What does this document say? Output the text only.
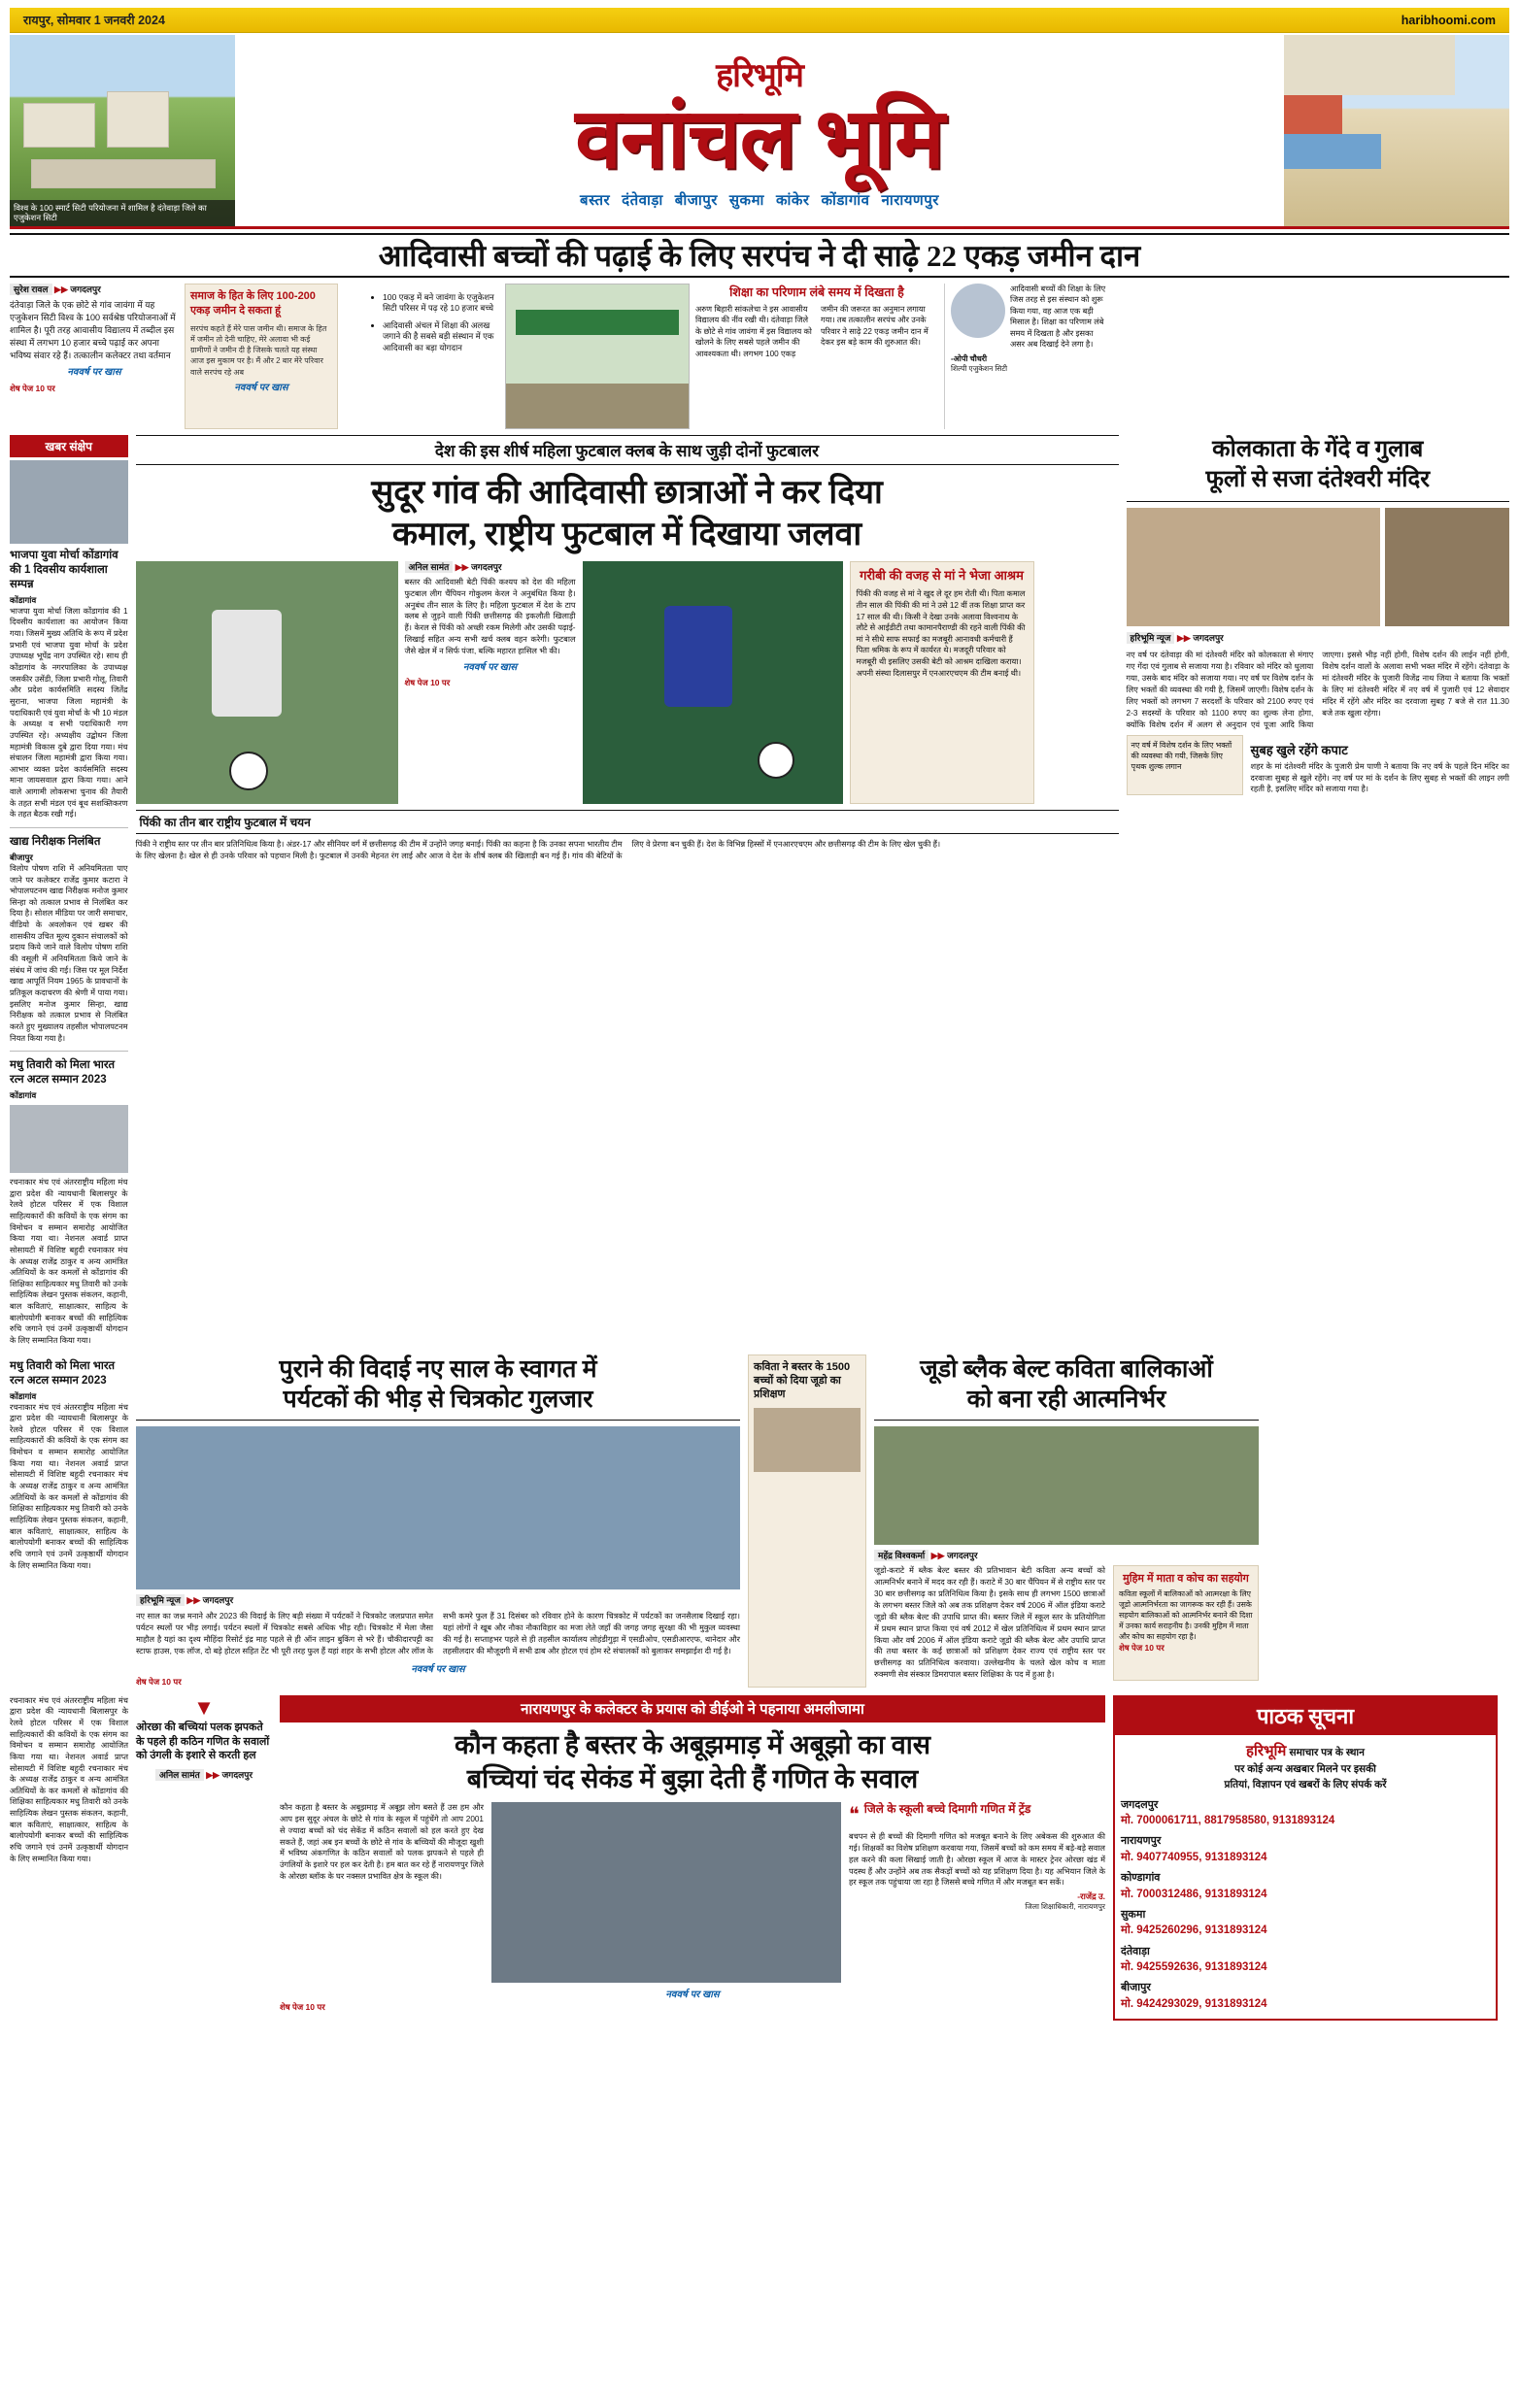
रायपुर, सोमवार 1 जनवरी 2024	haribhoomi.com
विश्व के 100 स्मार्ट सिटी परियोजना में शामिल है दंतेवाड़ा जिले का एजुकेशन सिटी
हरिभूमि
वनांचल भूमि
बस्तर दंतेवाड़ा बीजापुर सुकमा कांकेर कोंडागांव नारायणपुर
आदिवासी बच्चों की पढ़ाई के लिए सरपंच ने दी साढ़े 22 एकड़ जमीन दान
सुरेश रावल ▶▶ जगदलपुर
दंतेवाड़ा जिले के एक छोटे से गांव जावंगा में यह एजुकेशन सिटी विश्व के 100 सर्वश्रेष्ठ परियोजनाओं में शामिल है। पूरी तरह आवासीय विद्यालय में तब्दील इस संस्था में लगभग 10 हजार बच्चे पढ़ाई कर अपना भविष्य संवार रहे हैं। तत्कालीन कलेक्टर तथा वर्तमान
नववर्ष पर खास
शेष पेज 10 पर
समाज के हित के लिए 100-200 एकड़ जमीन दे सकता हूं
सरपंच कहते हैं मेरे पास जमीन थी। समाज के हित में जमीन तो देनी चाहिए, मेरे अलावा भी कई ग्रामीणों ने जमीन दी है जिसके चलते यह संस्था आज इस मुकाम पर है। मैं और 2 बार मेरे परिवार वाले सरपंच रहे अब
नववर्ष पर खास
• 100 एकड़ में बने जावंगा के एजुकेशन सिटी परिसर में पढ़ रहे 10 हजार बच्चे
• आदिवासी अंचल में शिक्षा की अलख जगाने की है सबसे बड़ी संस्थान में एक आदिवासी का बड़ा योगदान
शिक्षा का परिणाम लंबे समय में दिखता है

अरुण बिहारी सांकलेचा ने इस आवासीय विद्यालय की नींव रखी थी। दंतेवाड़ा जिले के छोटे से गांव जावंगा में इस विद्यालय को खोलने के लिए सबसे पहले जमीन की आवश्यकता थी। लगभग 100 एकड़ जमीन की जरूरत का अनुमान लगाया गया। तब तत्कालीन सरपंच और उनके परिवार ने साढ़े 22 एकड़ जमीन दान में देकर इस बड़े काम की शुरुआत की।

आदिवासी बच्चों की शिक्षा के लिए जिस तरह से इस संस्थान को शुरू किया गया, वह आज एक बड़ी मिसाल है। शिक्षा का परिणाम लंबे समय में दिखता है और इसका असर अब दिखाई देने लगा है।
-ओपी चौधरी
शिल्पी एजुकेशन सिटी
खबर संक्षेप
भाजपा युवा मोर्चा कोंडागांव की 1 दिवसीय कार्यशाला सम्पन्न
कोंडागांव
भाजपा युवा मोर्चा जिला कोंडागांव की 1 दिवसीय कार्यशाला का आयोजन किया गया। जिसमें मुख्य अतिथि के रूप में प्रदेश प्रभारी एवं भाजपा युवा मोर्चा के प्रदेश उपाध्यक्ष भूपेंद्र नाग उपस्थित रहे। साथ ही कोंडागांव के नगरपालिका के उपाध्यक्ष जसकीर उसेंडी, जिला प्रभारी गोलू, तिवारी और प्रदेश कार्यसमिति सदस्य जितेंद्र सुराना, भाजपा जिला महामंत्री के पदाधिकारी एवं युवा मोर्चा के भी 10 मंडल के अध्यक्ष व सभी पदाधिकारी गण उपस्थित रहे। अध्यक्षीय उद्बोधन जिला महामंत्री विकास दुबे द्वारा दिया गया। मंच संचालन जिला महामंत्री द्वारा किया गया। आभार व्यक्त प्रदेश कार्यसमिति सदस्य माना जायसवाल द्वारा किया गया। आने वाले आगामी लोकसभा चुनाव की तैयारी के तहत सभी मंडल एवं बूथ सशक्तिकरण के तहत बैठक रखी गई।
खाद्य निरीक्षक निलंबित
बीजापुर
विलोप पोषण राशि में अनियमितता पाए जाने पर कलेक्टर राजेंद्र कुमार कटारा ने भोपालपटनम खाद्य निरीक्षक मनोज कुमार सिन्हा को तत्काल प्रभाव से निलंबित कर दिया है। सोशल मीडिया पर जारी समाचार, वीडियो के अवलोकन एवं खबर की शासकीय उचित मूल्य दुकान संचालकों को प्रदाय किये जाने वाले विलोप पोषण राशि की वसूली में अनियमितता किये जाने के संबंध में जांच की गई। जिस पर मूल निर्देश खाद्य आपूर्ति नियम 1965 के प्रावधानों के प्रतिकूल कदाचरण की श्रेणी में पाया गया। इसलिए मनोज कुमार सिन्हा, खाद्य निरीक्षक को तत्काल प्रभाव से निलंबित करते हुए मुख्यालय तहसील भोपालपटनम नियत किया गया है।
मधु तिवारी को मिला भारत रत्न अटल सम्मान 2023
कोंडागांव
रचनाकार मंच एवं अंतरराष्ट्रीय महिला मंच द्वारा प्रदेश की न्यायधानी बिलासपुर के रेलवे होटल परिसर में एक विशाल साहित्यकारों की कवियों के एक संगम का विमोचन व सम्मान समारोह आयोजित किया गया था। नेशनल अवार्ड प्राप्त सोसायटी में विशिष्ट बहुदी रचनाकार मंच के अध्यक्ष राजेंद्र ठाकुर व अन्य आमंत्रित अतिथियों के कर कमलों से कोंडागांव की शिक्षिका साहित्यकार मधु तिवारी को उनके साहित्यिक लेखन पुस्तक संकलन, कहानी, बाल कविताएं, साक्षात्कार, साहित्य के बालोपयोगी बनाकर बच्चों की साहित्यिक रुचि जगाने एवं उनमें उत्कृष्ठार्थी योगदान के लिए सम्मानित किया गया।
देश की इस शीर्ष महिला फुटबाल क्लब के साथ जुड़ी दोनों फुटबालर
सुदूर गांव की आदिवासी छात्राओं ने कर दिया
कमाल, राष्ट्रीय फुटबाल में दिखाया जलवा
अनिल सामंत ▶▶ जगदलपुर
बस्तर की आदिवासी बेटी पिंकी कश्यप को देश की महिला फुटबाल लीग चैंपियन गोकुलम केरल ने अनुबंधित किया है। अनुबंध तीन साल के लिए है। महिला फुटबाल में देश के टाप क्लब से जुड़ने वाली पिंकी छत्तीसगढ़ की इकलौती खिलाड़ी हैं। केरल से पिंकी को अच्छी रकम मिलेगी और उसकी पढ़ाई-लिखाई सहित अन्य सभी खर्च क्लब वहन करेगी। फुटबाल जैसे खेल में न सिर्फ पंजा, बल्कि महारत हासिल भी की।
नववर्ष पर खास
शेष पेज 10 पर
गरीबी की वजह से मां ने भेजा आश्रम
पिंकी की वजह से मां ने खुद ले दूर हम रोती थी। पिता कमाल तीन साल की पिंकी की मां ने उसे 12 वीं तक शिक्षा प्राप्त कर 17 साल की थी। किसी ने देखा उनके अलावा विश्वनाथ के लौटे से आईडीटी तथा कामानपैराण्डी की रहने वाली पिंकी की मां ने सीधे साफ सफाई का मजबूरी आनावधी कर्मचारी हैं पिता श्रमिक के रूप में कार्यरत थे। मजदूरी परिवार को मजबूरी थी इसलिए उसकी बेटी को आश्रम दाखिला कराया। अपनी संस्था दिलासपुर में एनआरएचएम की टीम बनाई थी।
पिंकी का तीन बार राष्ट्रीय फुटबाल में चयन
पिंकी ने राष्ट्रीय स्तर पर तीन बार प्रतिनिधित्व किया है। अंडर-17 और सीनियर वर्ग में छत्तीसगढ़ की टीम में उन्होंने जगह बनाई। पिंकी का कहना है कि उनका सपना भारतीय टीम के लिए खेलना है। खेल से ही उनके परिवार को पहचान मिली है। फुटबाल में उनकी मेहनत रंग लाई और आज वे देश के शीर्ष क्लब की खिलाड़ी बन गई हैं। गांव की बेटियों के लिए वे प्रेरणा बन चुकी हैं। देश के विभिन्न हिस्सों में एनआरएचएम और छत्तीसगढ़ की टीम के लिए खेल चुकी हैं।
कोलकाता के गेंदे व गुलाब
फूलों से सजा दंतेश्वरी मंदिर
हरिभूमि न्यूज ▶▶ जगदलपुर
नए वर्ष पर दंतेवाड़ा की मां दंतेश्वरी मंदिर को कोलकाता से मंगाए गए गेंदा एवं गुलाब से सजाया गया है। रविवार को मंदिर को धुलाया गया, उसके बाद मंदिर को सजाया गया। नए वर्ष पर विशेष दर्शन के लिए भक्तों की व्यवस्था की गयी है, जिसमें जाएगी। विशेष दर्शन के लिए भक्तों को लगभग 7 सरदर्शों के परिवार को 2100 रुपए एवं 2-3 सदस्यों के परिवार को 1100 रुपए का शुल्क लेना होगा, क्योंकि विशेष दर्शन में अलग से अनुदान एवं पूजा आदि किया जाएगा। इससे भीड़ नहीं होगी, विशेष दर्शन की लाईन नहीं होगी, विशेष दर्शन वालों के अलावा सभी भक्त मंदिर में रहेंगे। दंतेवाड़ा के मां दंतेश्वरी मंदिर के पुजारी विजेंद्र नाथ जिया ने बताया कि भक्तों के लिए मां दंतेश्वरी मंदिर में नए वर्ष में पुजारी एवं 12 सेवादार मंदिर में रहेंगे और मंदिर का दरवाजा सुबह 7 बजे से रात 11.30 बजे तक खुला रहेगा।
नए वर्ष में विशेष दर्शन के लिए भक्तों की व्यवस्था की गयी, जिसके लिए पृथक शुल्क लगान
सुबह खुले रहेंगे कपाट
शहर के मां दंतेश्वरी मंदिर के पुजारी प्रेम पाणी ने बताया कि नए वर्ष के पहले दिन मंदिर का दरवाजा सुबह से खुले रहेंगे। नए वर्ष पर मां के दर्शन के लिए सुबह से भक्तों की लाइन लगी रहती है, इसलिए मंदिर को सजाया गया है।
मधु तिवारी को मिला भारत रत्न अटल सम्मान 2023
कोंडागांव
रचनाकार मंच एवं अंतरराष्ट्रीय महिला मंच द्वारा प्रदेश की न्यायधानी बिलासपुर के रेलवे होटल परिसर में एक विशाल साहित्यकारों की कवियों के एक संगम का विमोचन व सम्मान समारोह आयोजित किया गया था। नेशनल अवार्ड प्राप्त सोसायटी में विशिष्ट बहुदी रचनाकार मंच के अध्यक्ष राजेंद्र ठाकुर व अन्य आमंत्रित अतिथियों के कर कमलों से कोंडागांव की शिक्षिका साहित्यकार मधु तिवारी को उनके साहित्यिक लेखन पुस्तक संकलन, कहानी, बाल कविताएं, साक्षात्कार, साहित्य के बालोपयोगी बनाकर बच्चों की साहित्यिक रुचि जगाने एवं उनमें उत्कृष्ठार्थी योगदान के लिए सम्मानित किया गया।
पुराने की विदाई नए साल के स्वागत में
पर्यटकों की भीड़ से चित्रकोट गुलजार
हरिभूमि न्यूज ▶▶ जगदलपुर
नए साल का जश्न मनाने और 2023 की विदाई के लिए बड़ी संख्या में पर्यटकों ने चित्रकोट जलप्रपात समेत पर्यटन स्थलों पर भीड़ लगाई। पर्यटन स्थलों में चित्रकोट सबसे अधिक भीड़ रही। चित्रकोट में मेला जैसा माहौल है यहां का दृश्य मौहिंदा रिसोर्ट इंद्र माह पहले से ही ऑन लाइन बुकिंग से भरे हैं। चौकीदारपट्टी का स्टाफ हाउस, एक लॉज, दो बड़े होटल सहित टेंट भी पूरी तरह फुल हैं यहां शहर के सभी होटल और लॉज के सभी कमरे फुल हैं 31 दिसंबर को रविवार होने के कारण चित्रकोट में पर्यटकों का जनसैलाब दिखाई रहा। यहां लोगों ने खूब और नौका नौकाविहार का मजा लेते जहाँ की जगह जगह सुरक्षा की भी मुकुल व्यवस्था की गई है। सप्ताहभर पहले से ही तहसील कार्यालय लोहंडीगुड़ा में एसडीओप, एसडीआरएफ, थानेदार और तहसीलदार की मौजूदगी में सभी ढाब और होटल एवं होम स्टे संचालकों को बुलाकर समझाईश दी गई है।
नववर्ष पर खास
शेष पेज 10 पर
कविता ने बस्तर के 1500 बच्चों को दिया जूडो का प्रशिक्षण
जूडो ब्लैक बेल्ट कविता बालिकाओं
को बना रही आत्मनिर्भर
महेंद्र विश्वकर्मा ▶▶ जगदलपुर
जूडो-कराटे में ब्लैक बेल्ट बस्तर की प्रतिभावान बेटी कविता अन्य बच्चों को आत्मनिर्भर बनाने में मदद कर रही हैं। कराटे में 30 बार चैंपियन में से राष्ट्रीय स्तर पर 30 बार छत्तीसगढ़ का प्रतिनिधित्व किया है। इसके साथ ही लगभग 1500 छात्राओं के लगभग बस्तर जिले को अब तक प्रशिक्षण देकर वर्ष 2006 में ऑल इंडिया कराटे जूडो की ब्लैक बेल्ट की उपाधि प्राप्त की। बस्तर जिले में स्कूल स्तर के प्रतियोगिता में प्रथम स्थान प्राप्त किया एवं वर्ष 2012 में खेल प्रतिनिधित्व में प्रथम स्थान प्राप्त किया और वर्ष 2006 में ऑल इंडिया कराटे जूडो की ब्लैक बेल्ट और उपाधि प्राप्त की तथा बस्तर के कई छात्राओं को प्रशिक्षण देकर राज्य एवं राष्ट्रीय स्तर पर छत्तीसगढ़ का प्रतिनिधित्व करवाया। उल्लेखनीय के चलते खेल कोच व माता रुक्मणी सेव संस्कार डिमरापाल बस्तर शिक्षिका के पद में हुआ है।
मुहिम में माता व कोच का सहयोग
कविता स्कूलों में बालिकाओं को आत्मरक्षा के लिए जूडो आत्मनिर्भरता का जागरूक कर रही हैं। उसके सहयोग बालिकाओं को आत्मनिर्भर बनाने की दिशा में उनका कार्य सराहनीय है। उनकी मुहिम में माता और कोच का सहयोग रहा है।
शेष पेज 10 पर
रचनाकार मंच एवं अंतरराष्ट्रीय महिला मंच द्वारा प्रदेश की न्यायधानी बिलासपुर के रेलवे होटल परिसर में एक विशाल साहित्यकारों की कवियों के एक संगम का विमोचन व सम्मान समारोह आयोजित किया गया था। नेशनल अवार्ड प्राप्त सोसायटी में विशिष्ट बहुदी रचनाकार मंच के अध्यक्ष राजेंद्र ठाकुर व अन्य आमंत्रित अतिथियों के कर कमलों से कोंडागांव की शिक्षिका साहित्यकार मधु तिवारी को उनके साहित्यिक लेखन पुस्तक संकलन, कहानी, बाल कविताएं, साक्षात्कार, साहित्य के बालोपयोगी बनाकर बच्चों की साहित्यिक रुचि जगाने एवं उनमें उत्कृष्ठार्थी योगदान के लिए सम्मानित किया गया।
▼
ओरछा की बच्चियां पलक झपकते के पहले ही कठिन गणित के सवालों को उंगली के इशारे से करती हल
अनिल सामंत ▶▶ जगदलपुर
नारायणपुर के कलेक्टर के प्रयास को डीईओ ने पहनाया अमलीजामा
कौन कहता है बस्तर के अबूझमाड़ में अबूझो का वास
बच्चियां चंद सेकंड में बुझा देती हैं गणित के सवाल
कौन कहता है बस्तर के अबूझमाड़ में अबूझ लोग बसते हैं उस हम और आप इस सुदूर अंचल के छोटे से गांव के स्कूल में पहुंचेंगे तो आप 2001 से ज्यादा बच्चों को चंद सेकेंड में कठिन सवालों को हल करते हुए देख सकते हैं, जहां अब इन बच्चों के छोटे से गांव के बच्चियों की मौजूदा खुशी में भविष्य अंकगणित के कठिन सवालों को पलक झपकने से पहले ही उंगलियों के इशारे पर हल कर देती है। हम बात कर रहे हैं नारायणपुर जिले के ओरछा ब्लॉक के घर नक्सल प्रभावित क्षेत्र के स्कूल की।
❝ जिले के स्कूली बच्चे दिमागी गणित में ट्रेंड
बचपन से ही बच्चों की दिमागी गणित को मजबूत बनाने के लिए अबेकस की शुरुआत की गई। शिक्षकों का विशेष प्रशिक्षण करवाया गया, जिसमें बच्चों को कम समय में बड़े-बड़े सवाल हल करने की कला सिखाई जाती है। ओरछा स्कूल में आज के मास्टर ट्रेनर ओरछा खंड में पदस्थ हैं और उन्होंने अब तक सैकड़ों बच्चों को यह प्रशिक्षण दिया है। यह अभियान जिले के हर स्कूल तक पहुंचाया जा रहा है जिससे बच्चे गणित में और मजबूत बन सकें।
-राजेंद्र उ.
जिला शिक्षाधिकारी, नारायणपुर
नववर्ष पर खास
शेष पेज 10 पर
पाठक सूचना
हरिभूमि समाचार पत्र के स्थान
पर कोई अन्य अखबार मिलने पर इसकी
प्रतियां, विज्ञापन एवं खबरों के लिए संपर्क करें
जगदलपुर
मो. 7000061711, 8817958580, 9131893124
नारायणपुर
मो. 9407740955, 9131893124
कोण्डागांव
मो. 7000312486, 9131893124
सुकमा
मो. 9425260296, 9131893124
दंतेवाड़ा
मो. 9425592636, 9131893124
बीजापुर
मो. 9424293029, 9131893124
